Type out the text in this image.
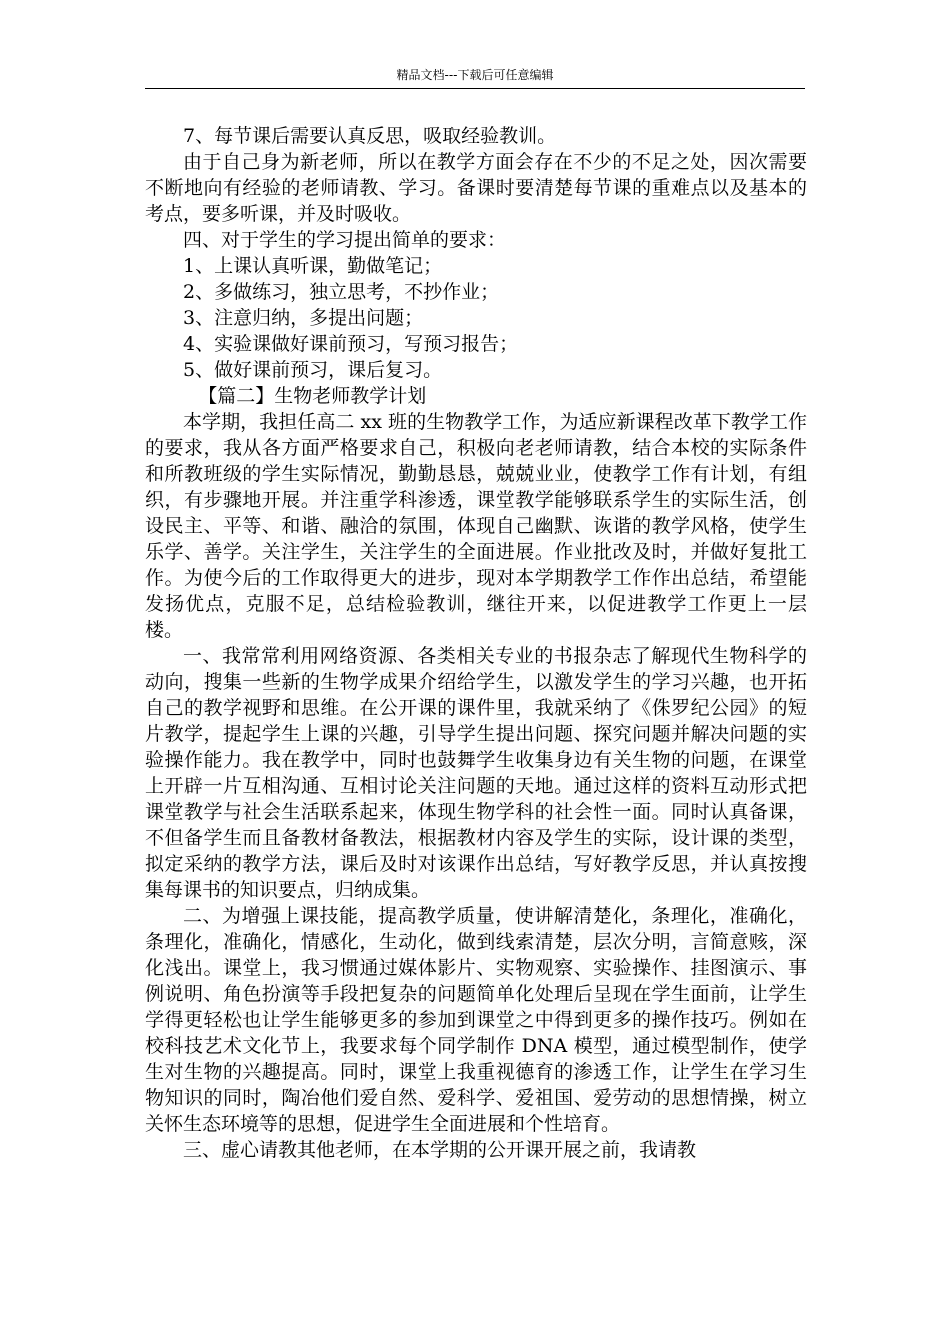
精品文档---下载后可任意编辑

7、每节课后需要认真反思，吸取经验教训。

由于自己身为新老师，所以在教学方面会存在不少的不足之处，因次需要不断地向有经验的老师请教、学习。备课时要清楚每节课的重难点以及基本的考点，要多听课，并及时吸收。

四、对于学生的学习提出简单的要求：

1、上课认真听课，勤做笔记；

2、多做练习，独立思考，不抄作业；

3、注意归纳，多提出问题；

4、实验课做好课前预习，写预习报告；

5、做好课前预习，课后复习。

【篇二】生物老师教学计划

本学期，我担任高二 xx 班的生物教学工作，为适应新课程改革下教学工作的要求，我从各方面严格要求自己，积极向老老师请教，结合本校的实际条件和所教班级的学生实际情况，勤勤恳恳，兢兢业业，使教学工作有计划，有组织，有步骤地开展。并注重学科渗透，课堂教学能够联系学生的实际生活，创设民主、平等、和谐、融洽的氛围，体现自己幽默、诙谐的教学风格，使学生乐学、善学。关注学生，关注学生的全面进展。作业批改及时，并做好复批工作。为使今后的工作取得更大的进步，现对本学期教学工作作出总结，希望能发扬优点，克服不足，总结检验教训，继往开来，以促进教学工作更上一层楼。

一、我常常利用网络资源、各类相关专业的书报杂志了解现代生物科学的动向，搜集一些新的生物学成果介绍给学生，以激发学生的学习兴趣，也开拓自己的教学视野和思维。在公开课的课件里，我就采纳了《侏罗纪公园》的短片教学，提起学生上课的兴趣，引导学生提出问题、探究问题并解决问题的实验操作能力。我在教学中，同时也鼓舞学生收集身边有关生物的问题，在课堂上开辟一片互相沟通、互相讨论关注问题的天地。通过这样的资料互动形式把课堂教学与社会生活联系起来，体现生物学科的社会性一面。同时认真备课，不但备学生而且备教材备教法，根据教材内容及学生的实际，设计课的类型，拟定采纳的教学方法，课后及时对该课作出总结，写好教学反思，并认真按搜集每课书的知识要点，归纳成集。

二、为增强上课技能，提高教学质量，使讲解清楚化，条理化，准确化，条理化，准确化，情感化，生动化，做到线索清楚，层次分明，言简意赅，深化浅出。课堂上，我习惯通过媒体影片、实物观察、实验操作、挂图演示、事例说明、角色扮演等手段把复杂的问题简单化处理后呈现在学生面前，让学生学得更轻松也让学生能够更多的参加到课堂之中得到更多的操作技巧。例如在校科技艺术文化节上，我要求每个同学制作 DNA 模型，通过模型制作，使学生对生物的兴趣提高。同时，课堂上我重视德育的渗透工作，让学生在学习生物知识的同时，陶冶他们爱自然、爱科学、爱祖国、爱劳动的思想情操，树立关怀生态环境等的思想，促进学生全面进展和个性培育。

三、虚心请教其他老师，在本学期的公开课开展之前，我请教
